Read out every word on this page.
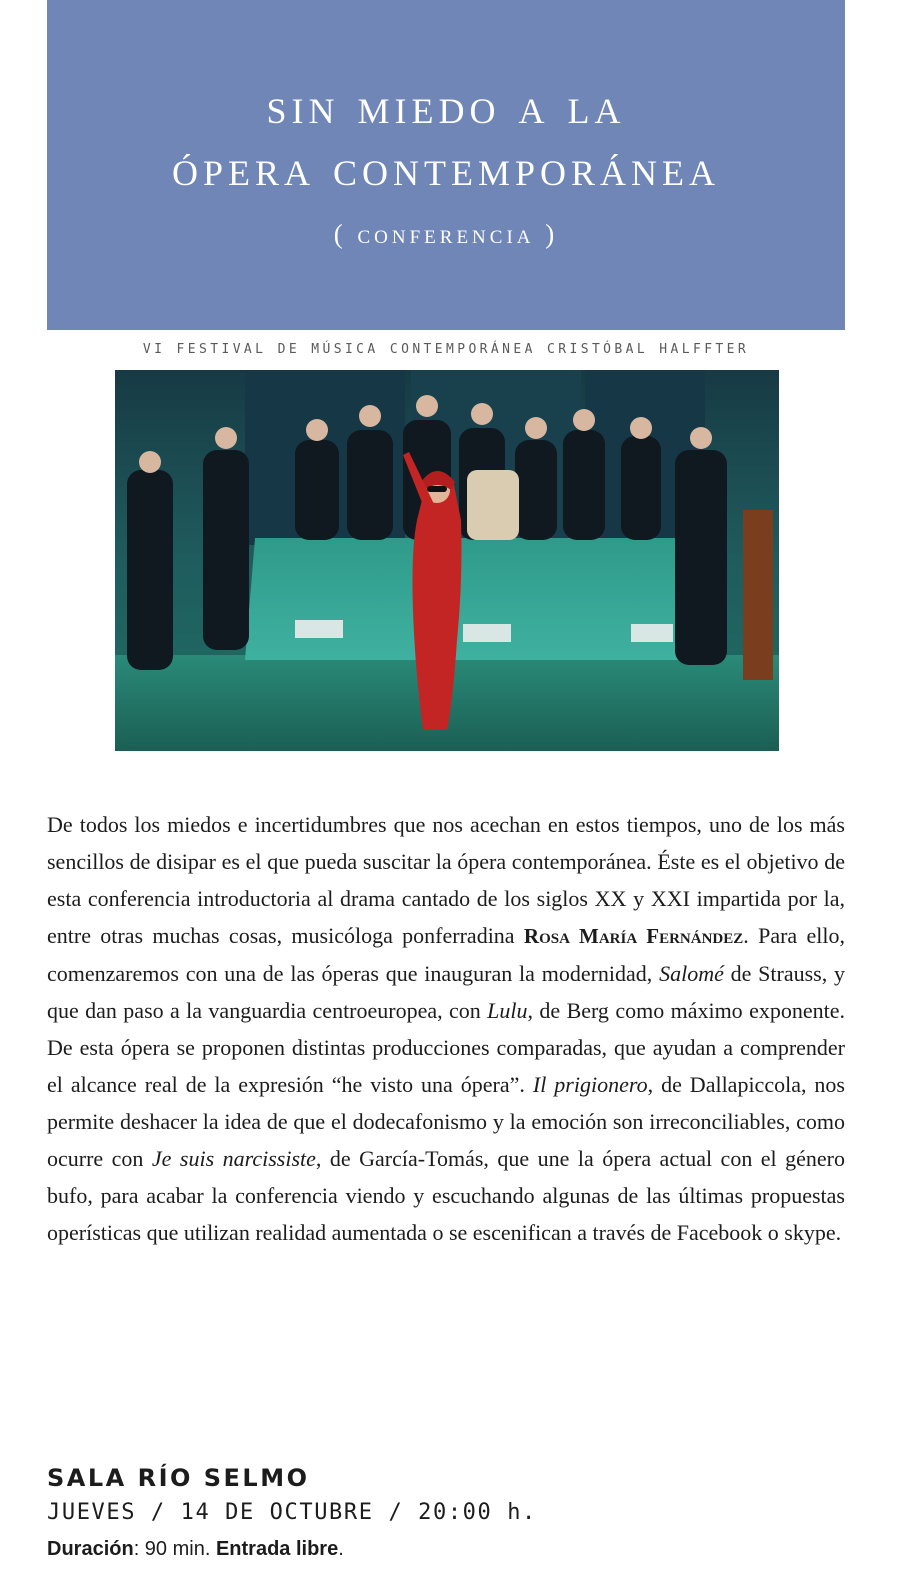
sin miedo a la
ópera contemporánea
( conferencia )
VI FESTIVAL DE MÚSICA CONTEMPORÁNEA CRISTÓBAL HALFFTER
De todos los miedos e incertidumbres que nos acechan en estos tiempos, uno de los más sencillos de disipar es el que pueda suscitar la ópera contemporánea. Éste es el objetivo de esta conferencia introductoria al drama cantado de los siglos XX y XXI impartida por la, entre otras muchas cosas, musicóloga ponferradina Rosa María Fernández. Para ello, comenzaremos con una de las óperas que inauguran la modernidad, Salomé de Strauss, y que dan paso a la vanguardia centroeuropea, con Lulu, de Berg como máximo exponente. De esta ópera se proponen distintas producciones comparadas, que ayudan a comprender el alcance real de la expresión “he visto una ópera”. Il prigionero, de Dallapiccola, nos permite deshacer la idea de que el dodecafonismo y la emoción son irreconciliables, como ocurre con Je suis narcissiste, de García-Tomás, que une la ópera actual con el género bufo, para acabar la conferencia viendo y escuchando algunas de las últimas propuestas operísticas que utilizan realidad aumentada o se escenifican a través de Facebook o skype.
SALA RÍO SELMO
JUEVES / 14 DE OCTUBRE / 20:00 h.
Duración: 90 min. Entrada libre.
